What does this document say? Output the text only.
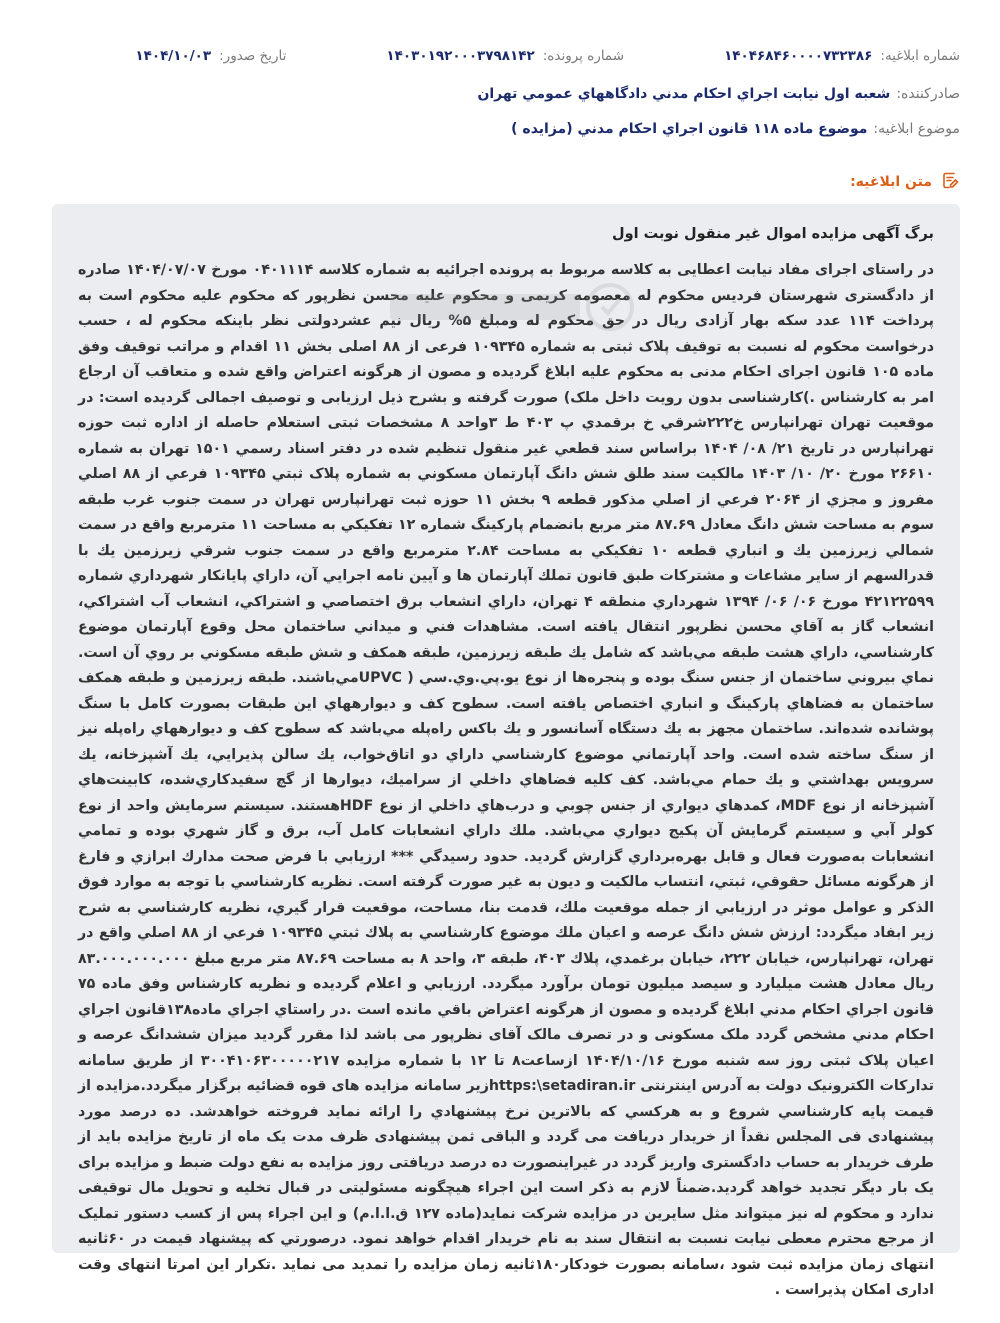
شماره ابلاغيه:
۱۴۰۴۶۸۴۶۰۰۰۰۷۳۲۳۸۶
شماره پرونده:
۱۴۰۳۰۱۹۲۰۰۰۳۷۹۸۱۴۲
تاريخ صدور:
۱۴۰۴/۱۰/۰۳
صادرکننده:شعبه اول نيابت اجراي احكام مدني دادگاههاي عمومي تهران
موضوع ابلاغيه:موضوع ماده ۱۱۸ قانون اجراي احكام مدني (مزايده )
متن ابلاغيه:
برگ آگهی مزایده اموال غیر منقول نوبت اول
در راستای اجرای مفاد نیابت اعطایی به کلاسه مربوط به پرونده اجرائیه به شماره کلاسه ۰۴۰۱۱۱۴ مورخ ۱۴۰۴/۰۷/۰۷ صادره از دادگستری شهرستان فردیس محکوم له معصومه کریمی و محکوم علیه محسن نظرپور که محکوم علیه محکوم است به پرداخت ۱۱۴ عدد سکه بهار آزادی ریال در حق محکوم له ومبلغ ۵% ریال نیم عشردولتی نظر باینکه محکوم له ، حسب درخواست محکوم له نسبت به توقیف پلاک ثبتی به شماره ۱۰۹۳۴۵ فرعی از ۸۸ اصلی بخش ۱۱ اقدام و مراتب توقیف وفق ماده ۱۰۵ قانون اجرای احکام مدنی به محکوم علیه ابلاغ گردیده و مصون از هرگونه اعتراض واقع شده و متعاقب آن ارجاع امر به کارشناس .)کارشناسی بدون رویت داخل ملک) صورت گرفته و بشرح ذیل ارزیابی و توصیف اجمالی گردیده است: در موقعیت تهران تهرانپارس خ۲۲۲شرقي خ برقمدي پ ۴۰۳ ط ۳واحد ۸ مشخصات ثبتی استعلام حاصله از اداره ثبت حوزه تهرانپارس در تاریخ ۲۱/ ۰۸/ ۱۴۰۴ براساس سند قطعي غير منقول تنظيم شده در دفتر اسناد رسمي ۱۵۰۱ تهران به شماره ۲۶۶۱۰ مورخ ۲۰/ ۱۰/ ۱۴۰۳ مالکيت سند طلق شش دانگ آپارتمان مسکوني به شماره پلاک ثبتي ۱۰۹۳۴۵ فرعي از ۸۸ اصلي مفروز و مجزي از ۲۰۶۴ فرعي از اصلي مذکور قطعه ۹ بخش ۱۱ حوزه ثبت تهرانپارس تهران در سمت جنوب غرب طبقه سوم به مساحت شش دانگ معادل ۸۷.۶۹ متر مربع بانضمام پارکينگ شماره ۱۲ تفکيکي به مساحت ۱۱ مترمربع واقع در سمت شمالي زيرزمين يك و انباري قطعه ۱۰ تفکيکي به مساحت ۲.۸۴ مترمربع واقع در سمت جنوب شرقي زيرزمين يك با قدرالسهم از ساير مشاعات و مشترکات طبق قانون تملك آپارتمان ها و آيين نامه اجرايي آن، داراي پايانکار شهرداري شماره ۴۲۱۲۲۵۹۹ مورخ ۰۶/ ۰۶/ ۱۳۹۴ شهرداري منطقه ۴ تهران، داراي انشعاب برق اختصاصي و اشتراکي، انشعاب آب اشتراکي، انشعاب گاز به آقاي محسن نظرپور انتقال يافته است. مشاهدات فني و ميداني ساختمان محل وقوع آپارتمان موضوع کارشناسي، داراي هشت طبقه مي‌باشد كه شامل يك طبقه زيرزمين، طبقه همكف و شش طبقه مسكوني بر روي آن است. نماي بيروني ساختمان از جنس سنگ بوده و پنجره‌ها از نوع يو.پي.وي.سي ( UPVCمي‌باشند. طبقه زيرزمين و طبقه همكف ساختمان به فضاهاي پاركينگ و انباري اختصاص يافته است. سطوح كف و ديوارههاي اين طبقات بصورت کامل با سنگ پوشانده شده‌اند. ساختمان مجهز به يك دستگاه آسانسور و يك باكس راه‌پله مي‌باشد كه سطوح كف و ديوارههاي راه‌پله نيز از سنگ ساخته شده است. واحد آپارتماني موضوع كارشناسي داراي دو اتاق‌خواب، يك سالن پذيرايي، يك آشپزخانه، يك سرويس بهداشتي و يك حمام مي‌باشد. كف كليه فضاهاي داخلي از سراميك، ديوارها از گچ سفيدكاري‌شده، كابينت‌هاي آشپزخانه از نوع MDF، كمدهاي ديواري از جنس چوبي و درب‌هاي داخلي از نوع HDFهستند. سيستم سرمايش واحد از نوع كولر آبي و سيستم گرمايش آن پكيج ديواري مي‌باشد. ملك داراي انشعابات كامل آب، برق و گاز شهري بوده و تمامي انشعابات به‌صورت فعال و قابل بهره‌برداري گزارش گرديد. حدود رسيدگي *** ارزيابي با فرض صحت مدارك ابرازي و فارغ از هرگونه مسائل حقوقي، ثبتي، انتساب مالكيت و ديون به غير صورت گرفته است. نظريه كارشناسي با توجه به موارد فوق الذكر و عوامل موثر در ارزيابي از جمله موقعيت ملك، قدمت بنا، مساحت، موقعيت قرار گيري، نظريه كارشناسي به شرح زير ابفاد ميگردد: ارزش شش دانگ عرصه و اعيان ملك موضوع كارشناسي به پلاك ثبتي ۱۰۹۳۴۵ فرعي از ۸۸ اصلي واقع در تهران، تهرانپارس، خيابان ۲۲۲، خيابان برغمدي، پلاك ۴۰۳، طبقه ۳، واحد ۸ به مساحت ۸۷.۶۹ متر مربع مبلغ ۸۳.۰۰۰.۰۰۰.۰۰۰ ريال معادل هشت ميليارد و سيصد ميليون تومان برآورد ميگردد. ارزيابي و اعلام گرديده و نظريه كارشناس وفق ماده ۷۵ قانون اجراي احكام مدني ابلاغ گرديده و مصون از هرگونه اعتراض باقي مانده است .در راستاي اجراي ماده۱۳۸قانون اجراي احكام مدني مشخص گردد ملک مسکونی و در تصرف مالک آقای نظرپور می باشد لذا مقرر گردید ميزان ششدانگ عرصه و اعيان پلاک ثبتی روز سه شنبه مورخ ۱۴۰۴/۱۰/۱۶ ازساعت۸ تا ۱۲ با شماره مزايده ۳۰۰۴۱۰۶۳۰۰۰۰۰۲۱۷ از طريق سامانه تدارکات الکترونیک دولت به آدرس اينترنتی https:\setadiran.irزير سامانه مزايده های قوه قضائيه برگزار ميگردد.مزايده از قيمت پايه كارشناسي شروع و به هركسي كه بالاترين نرخ پيشنهادي را ارائه نمايد فروخته خواهدشد. ده درصد مورد پيشنهادی فی المجلس نقداً از خريدار دريافت می گردد و الباقی ثمن پيشنهادی ظرف مدت يک ماه از تاريخ مزايده بايد از طرف خريدار به حساب دادگستری واريز گردد در غيراينصورت ده درصد دريافتی روز مزايده به نفع دولت ضبط و مزايده برای يک بار ديگر تجديد خواهد گرديد.ضمناً لازم به ذكر است اين اجراء هيچگونه مسئوليتی در قبال تخليه و تحويل مال توقيفی ندارد و محكوم له نيز ميتواند مثل سايرين در مزايده شركت نمايد(ماده ۱۲۷ ق.ا.ا.م) و اين اجراء پس از كسب دستور تمليک از مرجع محترم معطی نيابت نسبت به انتقال سند به نام خريدار اقدام خواهد نمود. درصورتي كه پيشنهاد قيمت در ۶۰ثانيه انتهای زمان مزايده ثبت شود ،سامانه بصورت خودكار۱۸۰ثانيه زمان مزايده را تمديد می نمايد .تكرار اين امرتا انتهای وقت اداری امكان پذيراست .
